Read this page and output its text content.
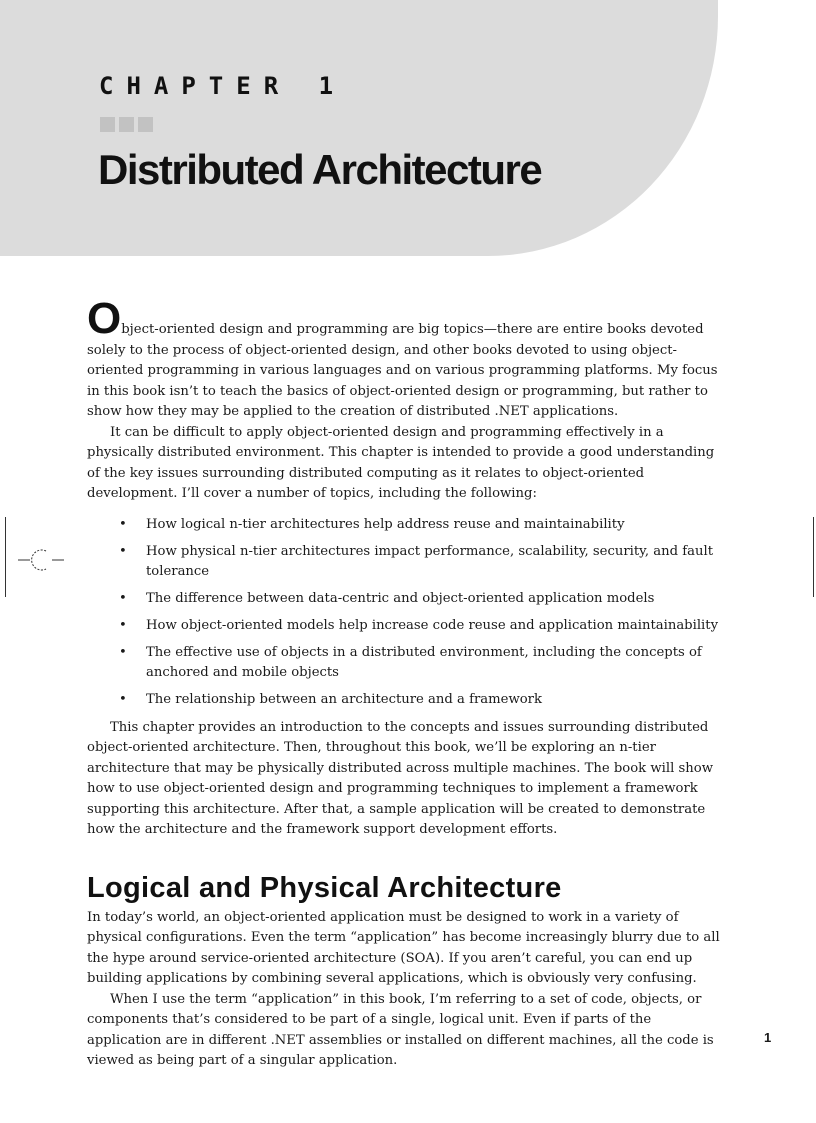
CHAPTER 1
Distributed Architecture

Object-oriented design and programming are big topics—there are entire books devoted solely to the process of object-oriented design, and other books devoted to using object-oriented programming in various languages and on various programming platforms. My focus in this book isn’t to teach the basics of object-oriented design or programming, but rather to show how they may be applied to the creation of distributed .NET applications.

It can be difficult to apply object-oriented design and programming effectively in a physically distributed environment. This chapter is intended to provide a good understanding of the key issues surrounding distributed computing as it relates to object-oriented development. I’ll cover a number of topics, including the following:

•	How logical n-tier architectures help address reuse and maintainability
•	How physical n-tier architectures impact performance, scalability, security, and fault tolerance
•	The difference between data-centric and object-oriented application models
•	How object-oriented models help increase code reuse and application maintainability
•	The effective use of objects in a distributed environment, including the concepts of anchored and mobile objects
•	The relationship between an architecture and a framework

This chapter provides an introduction to the concepts and issues surrounding distributed object-oriented architecture. Then, throughout this book, we’ll be exploring an n-tier architecture that may be physically distributed across multiple machines. The book will show how to use object-oriented design and programming techniques to implement a framework supporting this architecture. After that, a sample application will be created to demonstrate how the architecture and the framework support development efforts.

Logical and Physical Architecture

In today’s world, an object-oriented application must be designed to work in a variety of physical configurations. Even the term “application” has become increasingly blurry due to all the hype around service-oriented architecture (SOA). If you aren’t careful, you can end up building applications by combining several applications, which is obviously very confusing.

When I use the term “application” in this book, I’m referring to a set of code, objects, or components that’s considered to be part of a single, logical unit. Even if parts of the application are in different .NET assemblies or installed on different machines, all the code is viewed as being part of a singular application.

1
